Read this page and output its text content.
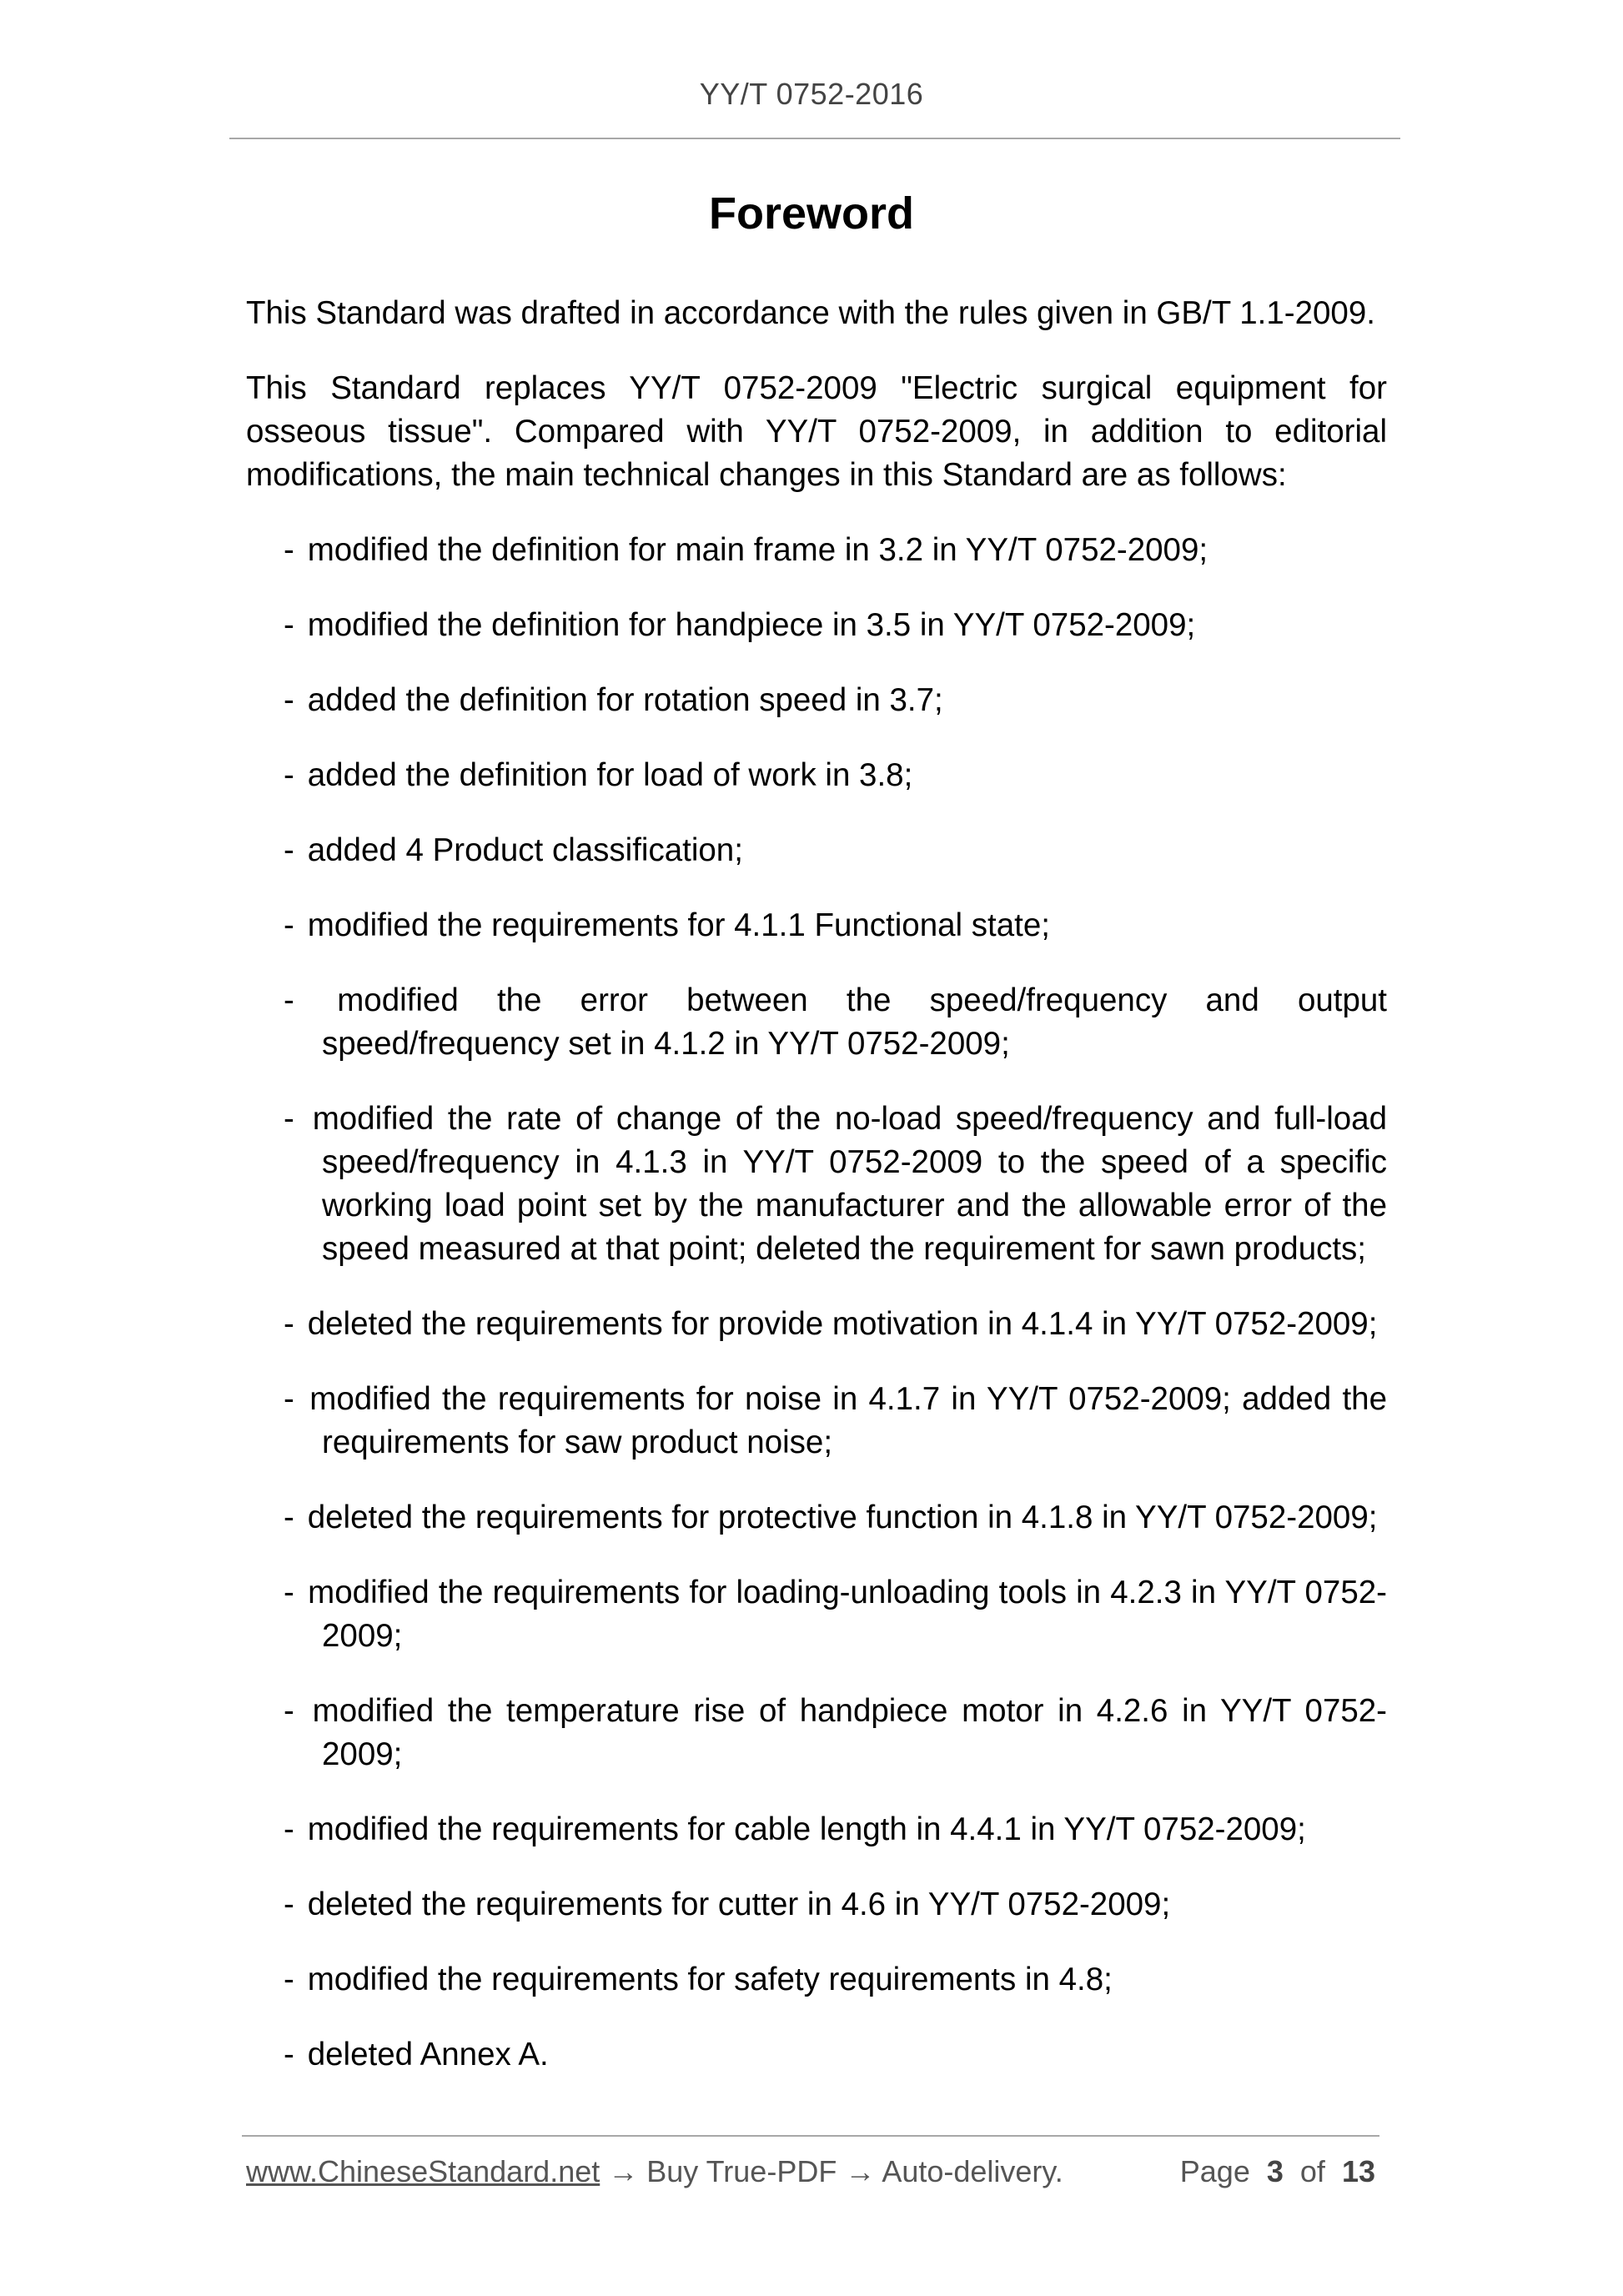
YY/T 0752-2016
Foreword

This Standard was drafted in accordance with the rules given in GB/T 1.1-2009.

This Standard replaces YY/T 0752-2009 "Electric surgical equipment for osseous tissue". Compared with YY/T 0752-2009, in addition to editorial modifications, the main technical changes in this Standard are as follows:

- modified the definition for main frame in 3.2 in YY/T 0752-2009;
- modified the definition for handpiece in 3.5 in YY/T 0752-2009;
- added the definition for rotation speed in 3.7;
- added the definition for load of work in 3.8;
- added 4 Product classification;
- modified the requirements for 4.1.1 Functional state;
- modified the error between the speed/frequency and output speed/frequency set in 4.1.2 in YY/T 0752-2009;
- modified the rate of change of the no-load speed/frequency and full-load speed/frequency in 4.1.3 in YY/T 0752-2009 to the speed of a specific working load point set by the manufacturer and the allowable error of the speed measured at that point; deleted the requirement for sawn products;
- deleted the requirements for provide motivation in 4.1.4 in YY/T 0752-2009;
- modified the requirements for noise in 4.1.7 in YY/T 0752-2009; added the requirements for saw product noise;
- deleted the requirements for protective function in 4.1.8 in YY/T 0752-2009;
- modified the requirements for loading-unloading tools in 4.2.3 in YY/T 0752-2009;
- modified the temperature rise of handpiece motor in 4.2.6 in YY/T 0752-2009;
- modified the requirements for cable length in 4.4.1 in YY/T 0752-2009;
- deleted the requirements for cutter in 4.6 in YY/T 0752-2009;
- modified the requirements for safety requirements in 4.8;
- deleted Annex A.
www.ChineseStandard.net → Buy True-PDF → Auto-delivery.	Page 3 of 13
